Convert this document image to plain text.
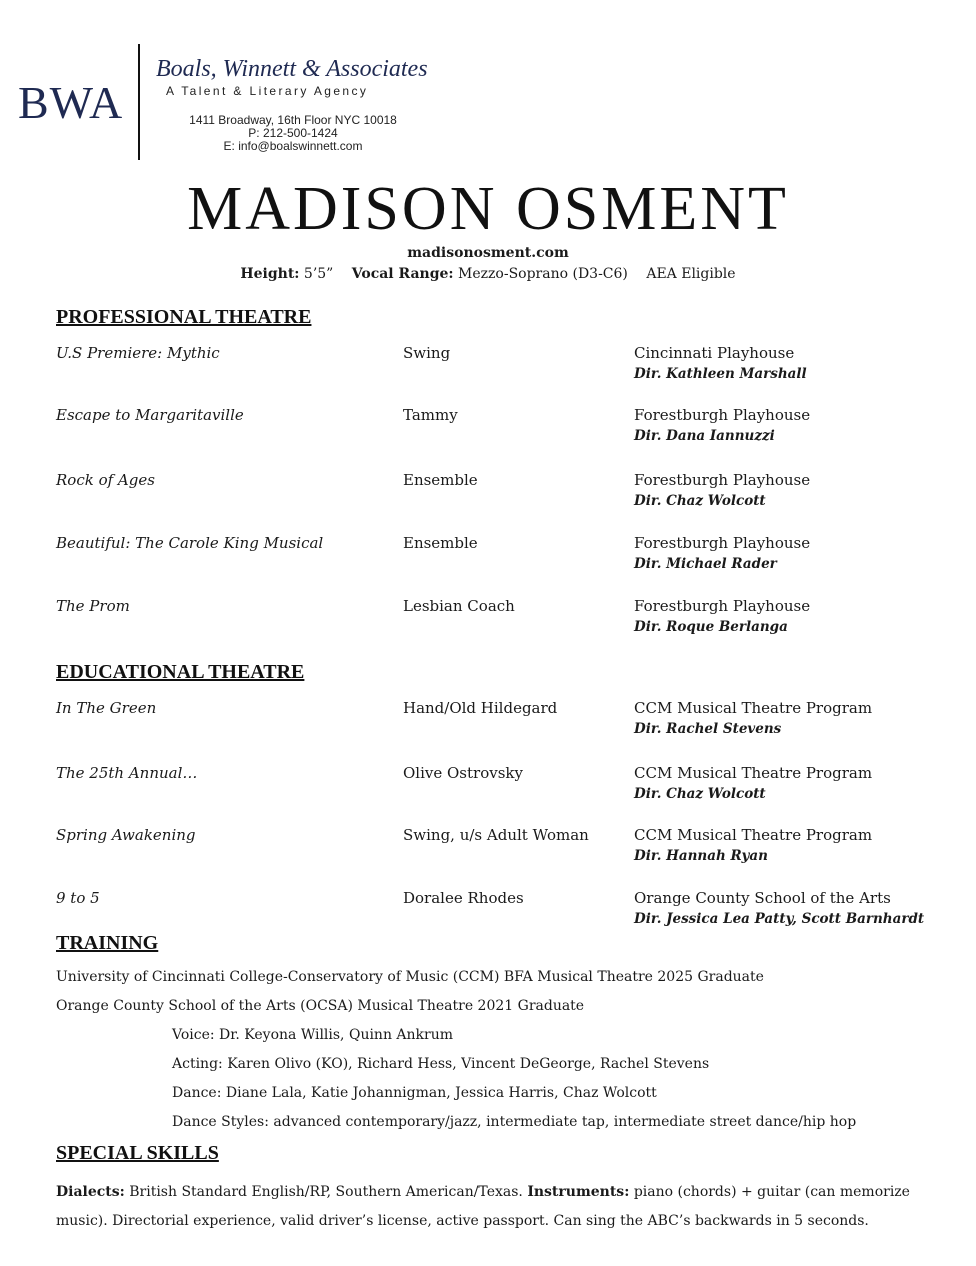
BWA
Boals, Winnett & Associates
A Talent & Literary Agency
1411 Broadway, 16th Floor NYC 10018
P: 212-500-1424
E: info@boalswinnett.com
MADISON OSMENT
madisonosment.com
Height: 5’5” Vocal Range: Mezzo-Soprano (D3-C6) AEA Eligible
PROFESSIONAL THEATRE
U.S Premiere: Mythic	Swing	Cincinnati Playhouse
Dir. Kathleen Marshall
Escape to Margaritaville	Tammy	Forestburgh Playhouse
Dir. Dana Iannuzzi
Rock of Ages	Ensemble	Forestburgh Playhouse
Dir. Chaz Wolcott
Beautiful: The Carole King Musical	Ensemble	Forestburgh Playhouse
Dir. Michael Rader
The Prom	Lesbian Coach	Forestburgh Playhouse
Dir. Roque Berlanga
EDUCATIONAL THEATRE
In The Green	Hand/Old Hildegard	CCM Musical Theatre Program
Dir. Rachel Stevens
The 25th Annual…	Olive Ostrovsky	CCM Musical Theatre Program
Dir. Chaz Wolcott
Spring Awakening	Swing, u/s Adult Woman	CCM Musical Theatre Program
Dir. Hannah Ryan
9 to 5	Doralee Rhodes	Orange County School of the Arts
Dir. Jessica Lea Patty, Scott Barnhardt
TRAINING
University of Cincinnati College-Conservatory of Music (CCM) BFA Musical Theatre 2025 Graduate
Orange County School of the Arts (OCSA) Musical Theatre 2021 Graduate
Voice: Dr. Keyona Willis, Quinn Ankrum
Acting: Karen Olivo (KO), Richard Hess, Vincent DeGeorge, Rachel Stevens
Dance: Diane Lala, Katie Johannigman, Jessica Harris, Chaz Wolcott
Dance Styles: advanced contemporary/jazz, intermediate tap, intermediate street dance/hip hop
SPECIAL SKILLS
Dialects: British Standard English/RP, Southern American/Texas. Instruments: piano (chords) + guitar (can memorize music). Directorial experience, valid driver’s license, active passport. Can sing the ABC’s backwards in 5 seconds.
